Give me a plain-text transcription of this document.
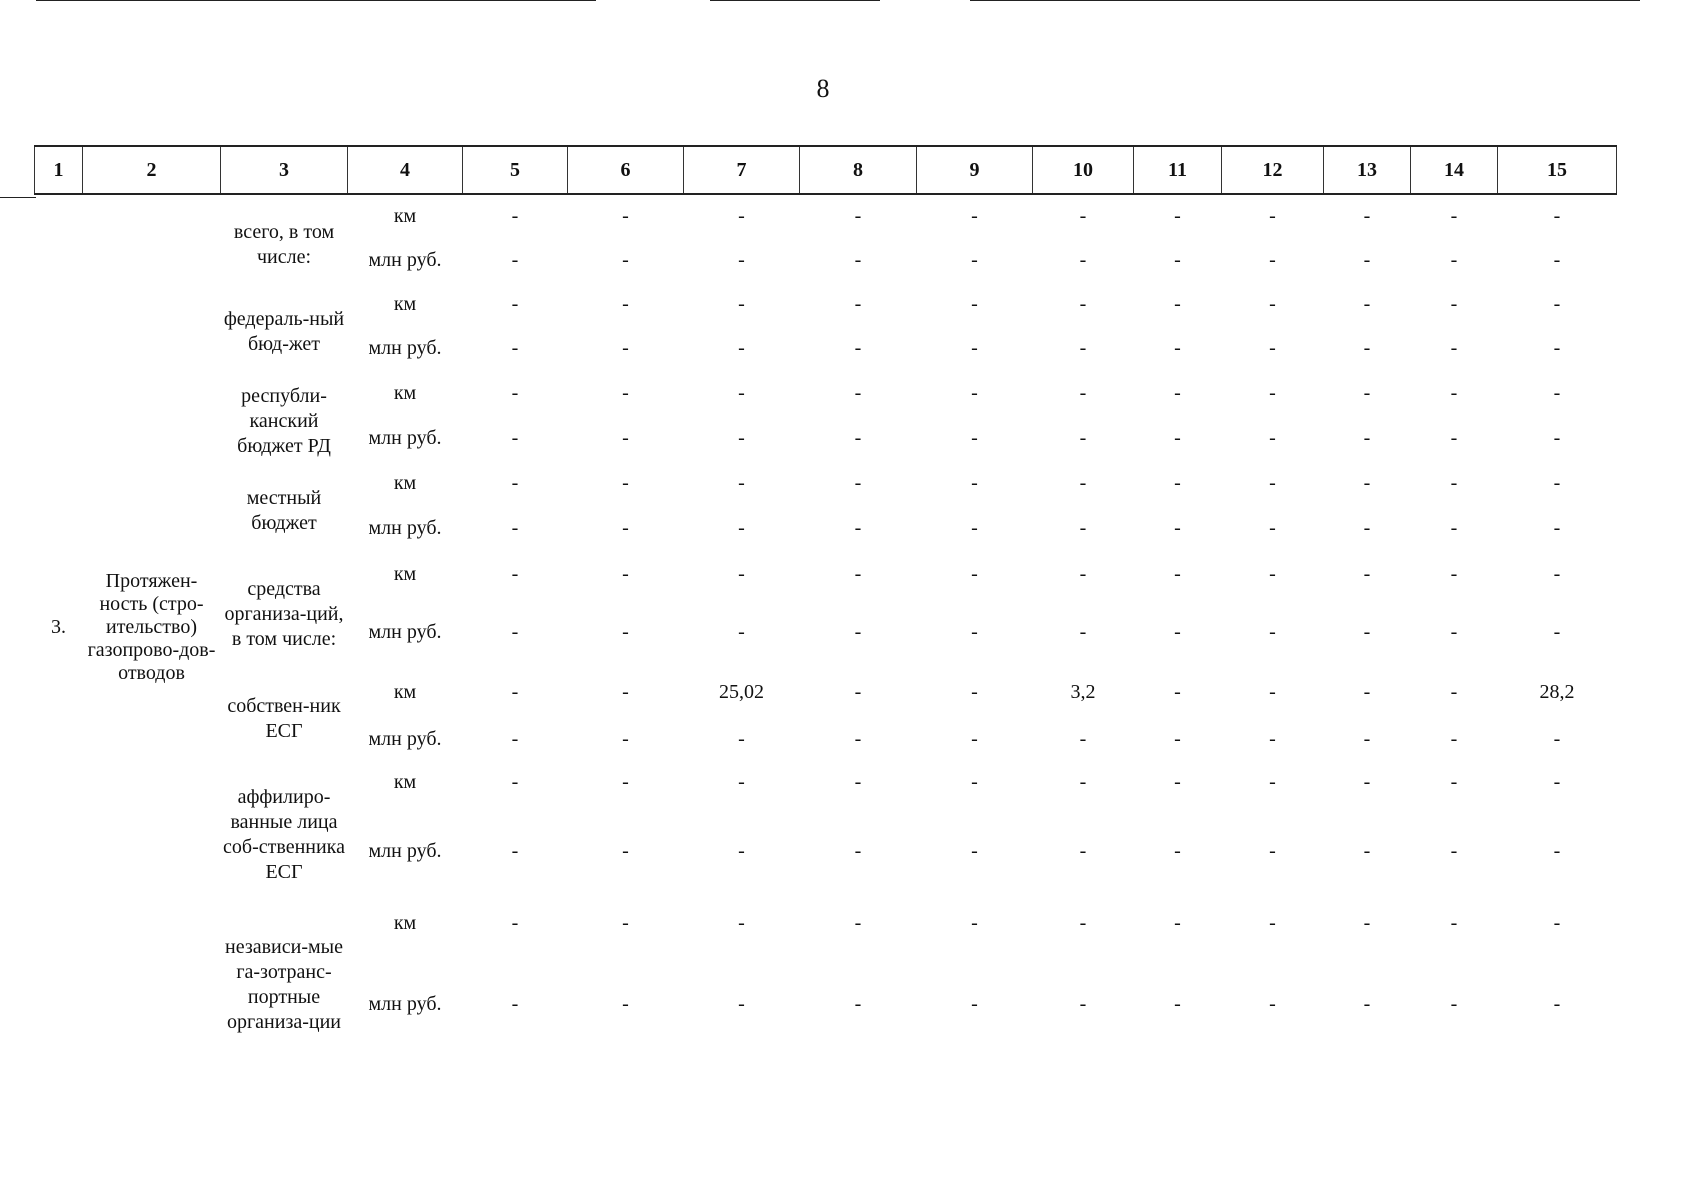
8
1	2	3	4	5	6	7	8	9	10	11	12	13	14	15
3.	Протяжен-ность (стро-ительство) газопрово-дов-отводов	всего, в том числе:	км	-	-	-	-	-	-	-	-	-	-	-
			млн руб.	-	-	-	-	-	-	-	-	-	-	-
		федераль-ный бюд-жет	км	-	-	-	-	-	-	-	-	-	-	-
			млн руб.	-	-	-	-	-	-	-	-	-	-	-
		республи-канский бюджет РД	км	-	-	-	-	-	-	-	-	-	-	-
			млн руб.	-	-	-	-	-	-	-	-	-	-	-
		местный бюджет	км	-	-	-	-	-	-	-	-	-	-	-
			млн руб.	-	-	-	-	-	-	-	-	-	-	-
		средства организа-ций, в том числе:	км	-	-	-	-	-	-	-	-	-	-	-
			млн руб.	-	-	-	-	-	-	-	-	-	-	-
		собствен-ник ЕСГ	км	-	-	25,02	-	-	3,2	-	-	-	-	28,2
			млн руб.	-	-	-	-	-	-	-	-	-	-	-
		аффилиро-ванные лица соб-ственника ЕСГ	км	-	-	-	-	-	-	-	-	-	-	-
			млн руб.	-	-	-	-	-	-	-	-	-	-	-
		независи-мые га-зотранс-портные организа-ции	км	-	-	-	-	-	-	-	-	-	-	-
			млн руб.	-	-	-	-	-	-	-	-	-	-	-
